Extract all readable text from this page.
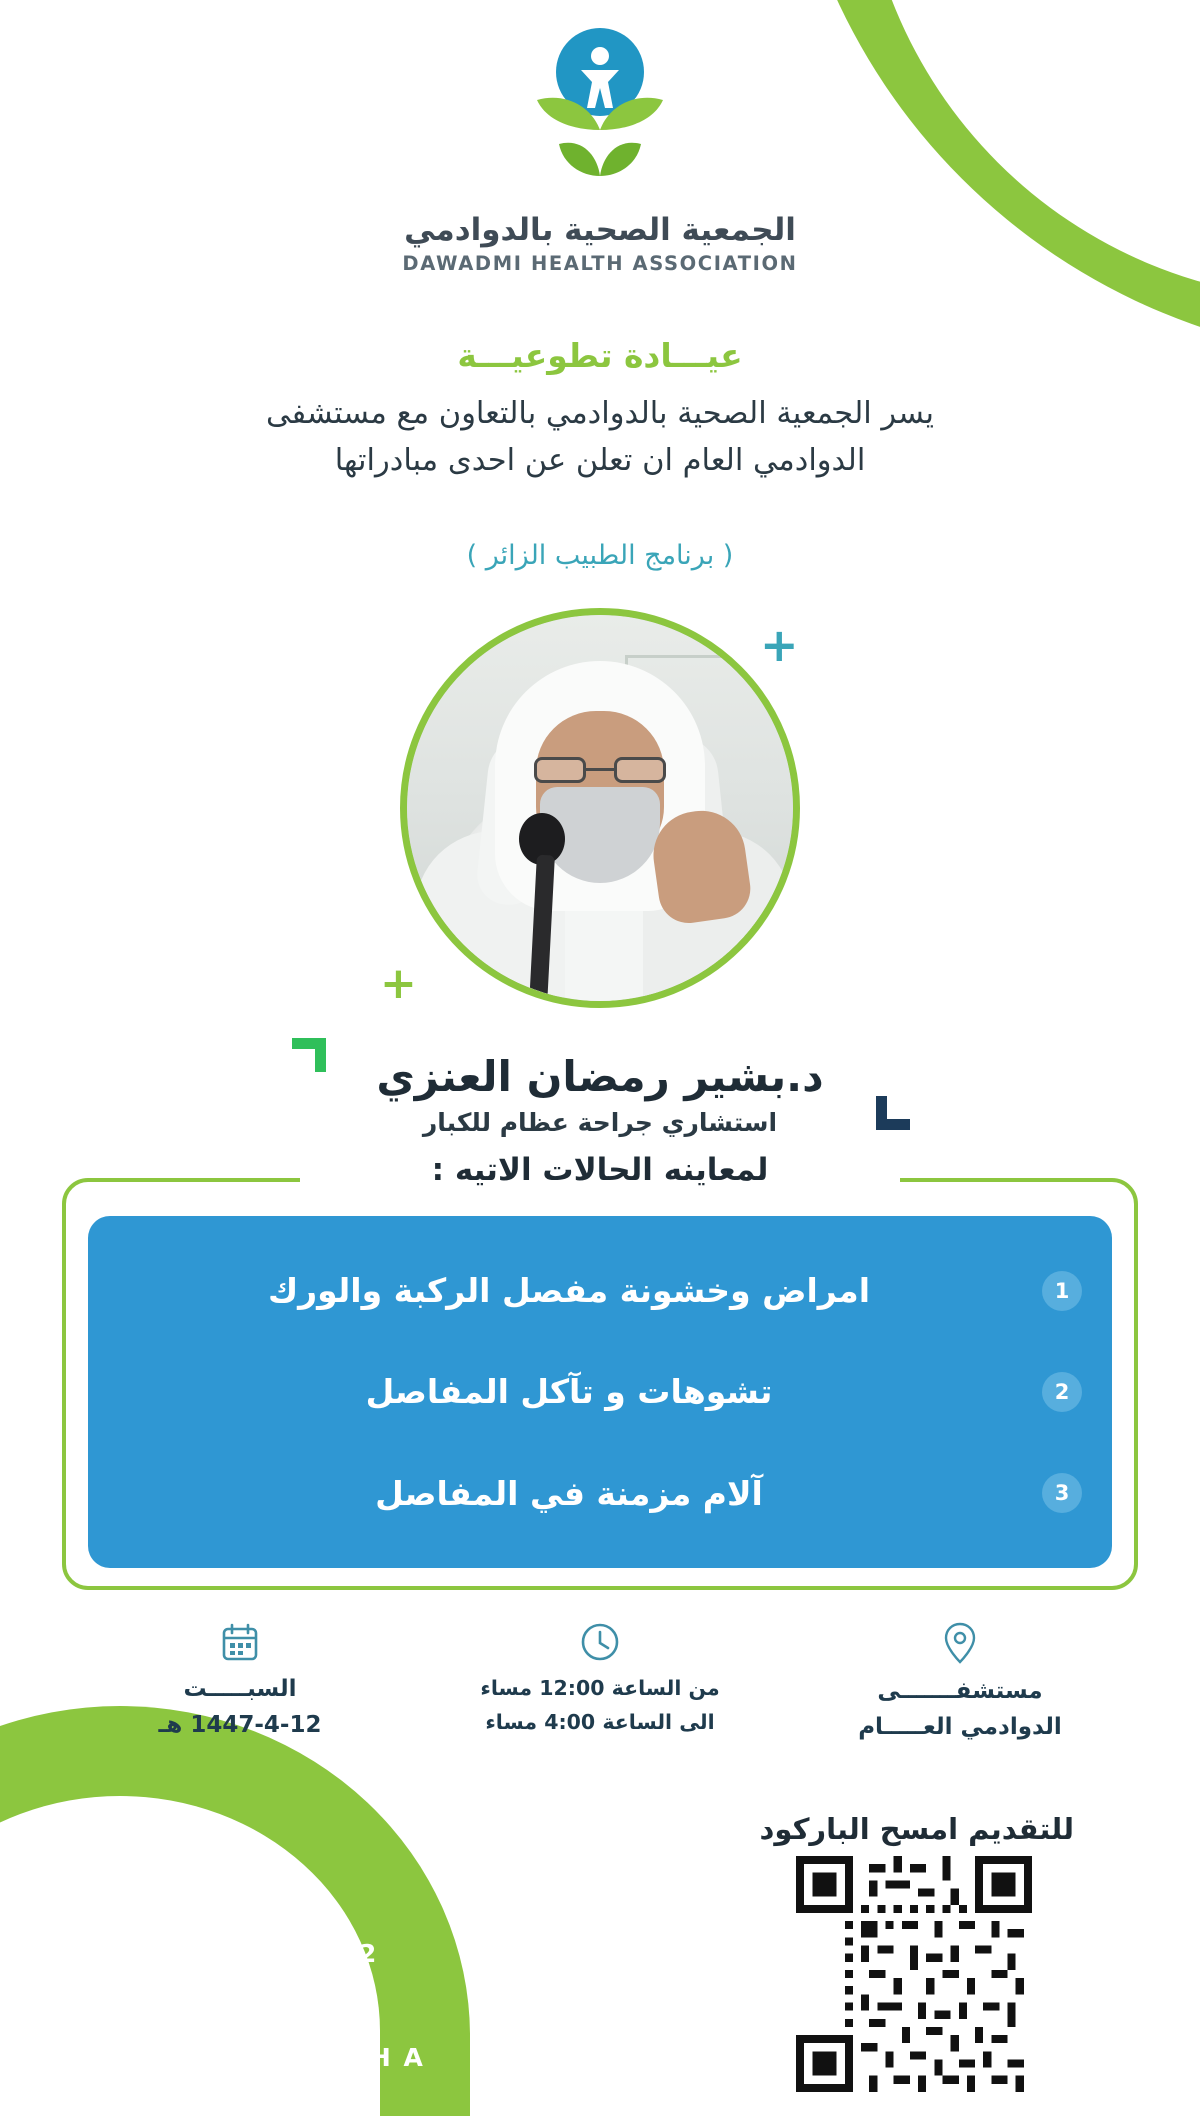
الجمعية الصحية بالدوادمي
DAWADMI HEALTH ASSOCIATION
عيـــادة تطوعيـــة
يسر الجمعية الصحية بالدوادمي بالتعاون مع مستشفى
الدوادمي العام ان تعلن عن احدى مبادراتها
( برنامج الطبيب الزائر )
+
+
د.بشير رمضان العنزي
استشاري جراحة عظام للكبار
لمعاينه الحالات الاتيه :
1
امراض وخشونة مفصل الركبة والورك
2
تشوهات و تآكل المفاصل
3
آلام مزمنة في المفاصل
مستشفـــــــى
الدوادمي العـــــام
من الساعة 12:00 مساء
الى الساعة 4:00 مساء
السبـــــت
1447-4-12 هـ
للتقديم امسح الباركود
0 5 5 5 3 5 7 3 2 2
www.dawadmi.org.sa
@ D a w a d m i _ H A
